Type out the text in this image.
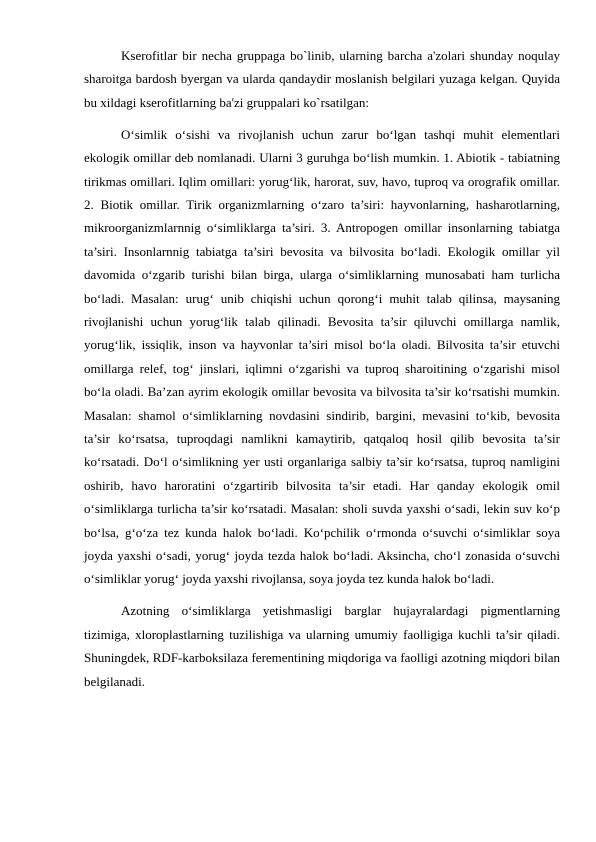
Kserofitlar bir necha gruppaga bo`linib, ularning barcha a'zolari shunday noqulay sharoitga bardosh byergan va ularda qandaydir moslanish belgilari yuzaga kelgan. Quyida bu xildagi kserofitlarning ba'zi gruppalari ko`rsatilgan:

O‘simlik o‘sishi va rivojlanish uchun zarur bo‘lgan tashqi muhit elementlari ekologik omillar deb nomlanadi. Ularni 3 guruhga bo‘lish mumkin. 1. Abiotik - tabiatning tirikmas omillari. Iqlim omillari: yorug‘lik, harorat, suv, havo, tuproq va orografik omillar. 2. Biotik omillar. Tirik organizmlarning o‘zaro ta’siri: hayvonlarning, hasharotlarning, mikroorganizmlarnnig o‘simliklarga ta’siri. 3. Antropogen omillar insonlarning tabiatga ta’siri. Insonlarnnig tabiatga ta’siri bevosita va bilvosita bo‘ladi. Ekologik omillar yil davomida o‘zgarib turishi bilan birga, ularga o‘simliklarning munosabati ham turlicha bo‘ladi. Masalan: urug‘ unib chiqishi uchun qorong‘i muhit talab qilinsa, maysaning rivojlanishi uchun yorug‘lik talab qilinadi. Bevosita ta’sir qiluvchi omillarga namlik, yorug‘lik, issiqlik, inson va hayvonlar ta’siri misol bo‘la oladi. Bilvosita ta’sir etuvchi omillarga relef, tog‘ jinslari, iqlimni o‘zgarishi va tuproq sharoitining o‘zgarishi misol bo‘la oladi. Ba’zan ayrim ekologik omillar bevosita va bilvosita ta’sir ko‘rsatishi mumkin. Masalan: shamol o‘simliklarning novdasini sindirib, bargini, mevasini to‘kib, bevosita ta’sir ko‘rsatsa, tuproqdagi namlikni kamaytirib, qatqaloq hosil qilib bevosita ta’sir ko‘rsatadi. Do‘l o‘simlikning yer usti organlariga salbiy ta’sir ko‘rsatsa, tuproq namligini oshirib, havo haroratini o‘zgartirib bilvosita ta’sir etadi. Har qanday ekologik omil o‘simliklarga turlicha ta’sir ko‘rsatadi. Masalan: sholi suvda yaxshi o‘sadi, lekin suv ko‘p bo‘lsa, g‘o‘za tez kunda halok bo‘ladi. Ko‘pchilik o‘rmonda o‘suvchi o‘simliklar soya joyda yaxshi o‘sadi, yorug‘ joyda tezda halok bo‘ladi. Aksincha, cho‘l zonasida o‘suvchi o‘simliklar yorug‘ joyda yaxshi rivojlansa, soya joyda tez kunda halok bo‘ladi.

Azotning o‘simliklarga yetishmasligi barglar hujayralardagi pigmentlarning tizimiga, xloroplastlarning tuzilishiga va ularning umumiy faolligiga kuchli ta’sir qiladi. Shuningdek, RDF-karboksilaza ferementining miqdoriga va faolligi azotning miqdori bilan belgilanadi.
